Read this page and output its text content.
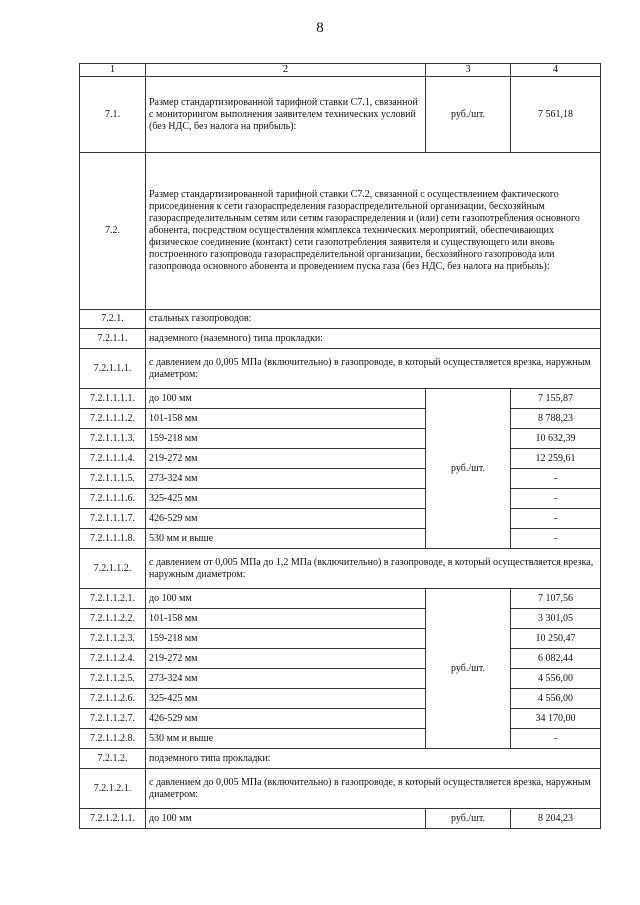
8
1	2	3	4
7.1.	Размер стандартизированной тарифной ставки С7.1, связанной с мониторингом выполнения заявителем технических условий (без НДС, без налога на прибыль):	руб./шт.	7 561,18
7.2.	Размер стандартизированной тарифной ставки С7.2, связанной с осуществлением фактического присоединения к сети газораспределения газораспределительной организации, бесхозяйным газораспределительным сетям или сетям газораспределения и (или) сети газопотребления основного абонента, посредством осуществления комплекса технических мероприятий, обеспечивающих физическое соединение (контакт) сети газопотребления заявителя и существующего или вновь построенного газопровода газораспределительной организации, бесхозяйного газопровода или газопровода основного абонента и проведением пуска газа (без НДС, без налога на прибыль):		
7.2.1.	стальных газопроводов:		
7.2.1.1.	надземного (наземного) типа прокладки:		
7.2.1.1.1.	с давлением до 0,005 МПа (включительно) в газопроводе, в который осуществляется врезка, наружным диаметром:		
7.2.1.1.1.1.	до 100 мм	руб./шт.	7 155,87
7.2.1.1.1.2.	101-158 мм		8 788,23
7.2.1.1.1.3.	159-218 мм		10 632,39
7.2.1.1.1.4.	219-272 мм		12 259,61
7.2.1.1.1.5.	273-324 мм		-
7.2.1.1.1.6.	325-425 мм		-
7.2.1.1.1.7.	426-529 мм		-
7.2.1.1.1.8.	530 мм и выше		-
7.2.1.1.2.	с давлением от 0,005 МПа до 1,2 МПа (включительно) в газопроводе, в который осуществляется врезка, наружным диаметром:		
7.2.1.1.2.1.	до 100 мм	руб./шт.	7 107,56
7.2.1.1.2.2.	101-158 мм		3 301,05
7.2.1.1.2.3.	159-218 мм		10 250,47
7.2.1.1.2.4.	219-272 мм		6 082,44
7.2.1.1.2.5.	273-324 мм		4 556,00
7.2.1.1.2.6.	325-425 мм		4 556,00
7.2.1.1.2.7.	426-529 мм		34 170,00
7.2.1.1.2.8.	530 мм и выше		-
7.2.1.2.	подземного типа прокладки:		
7.2.1.2.1.	с давлением до 0,005 МПа (включительно) в газопроводе, в который осуществляется врезка, наружным диаметром:		
7.2.1.2.1.1.	до 100 мм	руб./шт.	8 204,23
